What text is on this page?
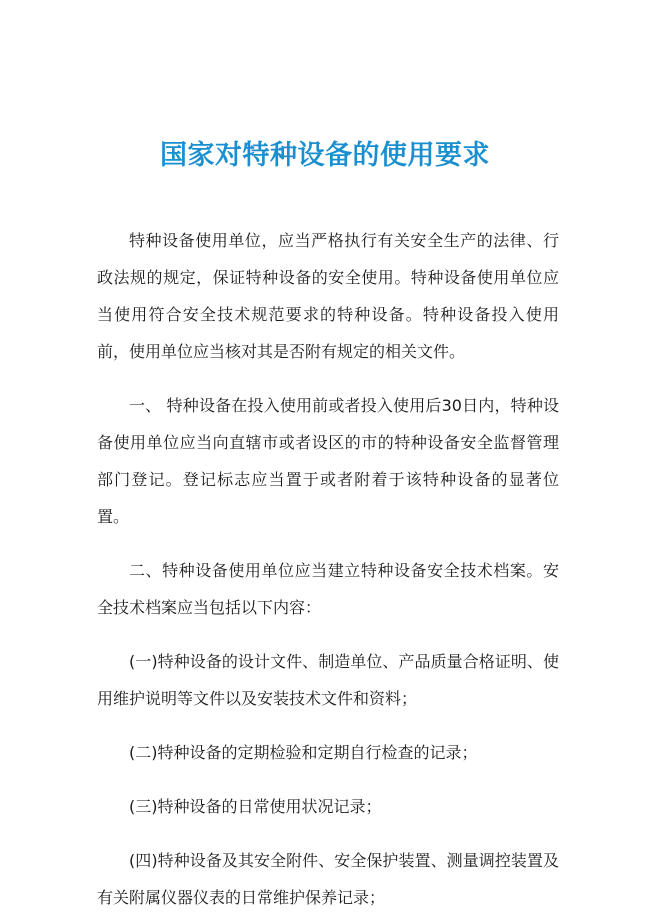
国家对特种设备的使用要求

特种设备使用单位，应当严格执行有关安全生产的法律、行政法规的规定，保证特种设备的安全使用。特种设备使用单位应当使用符合安全技术规范要求的特种设备。特种设备投入使用前，使用单位应当核对其是否附有规定的相关文件。

一、 特种设备在投入使用前或者投入使用后30日内，特种设备使用单位应当向直辖市或者设区的市的特种设备安全监督管理部门登记。登记标志应当置于或者附着于该特种设备的显著位置。

二、特种设备使用单位应当建立特种设备安全技术档案。安全技术档案应当包括以下内容：

(一)特种设备的设计文件、制造单位、产品质量合格证明、使用维护说明等文件以及安装技术文件和资料；

(二)特种设备的定期检验和定期自行检查的记录；

(三)特种设备的日常使用状况记录；

(四)特种设备及其安全附件、安全保护装置、测量调控装置及有关附属仪器仪表的日常维护保养记录；
